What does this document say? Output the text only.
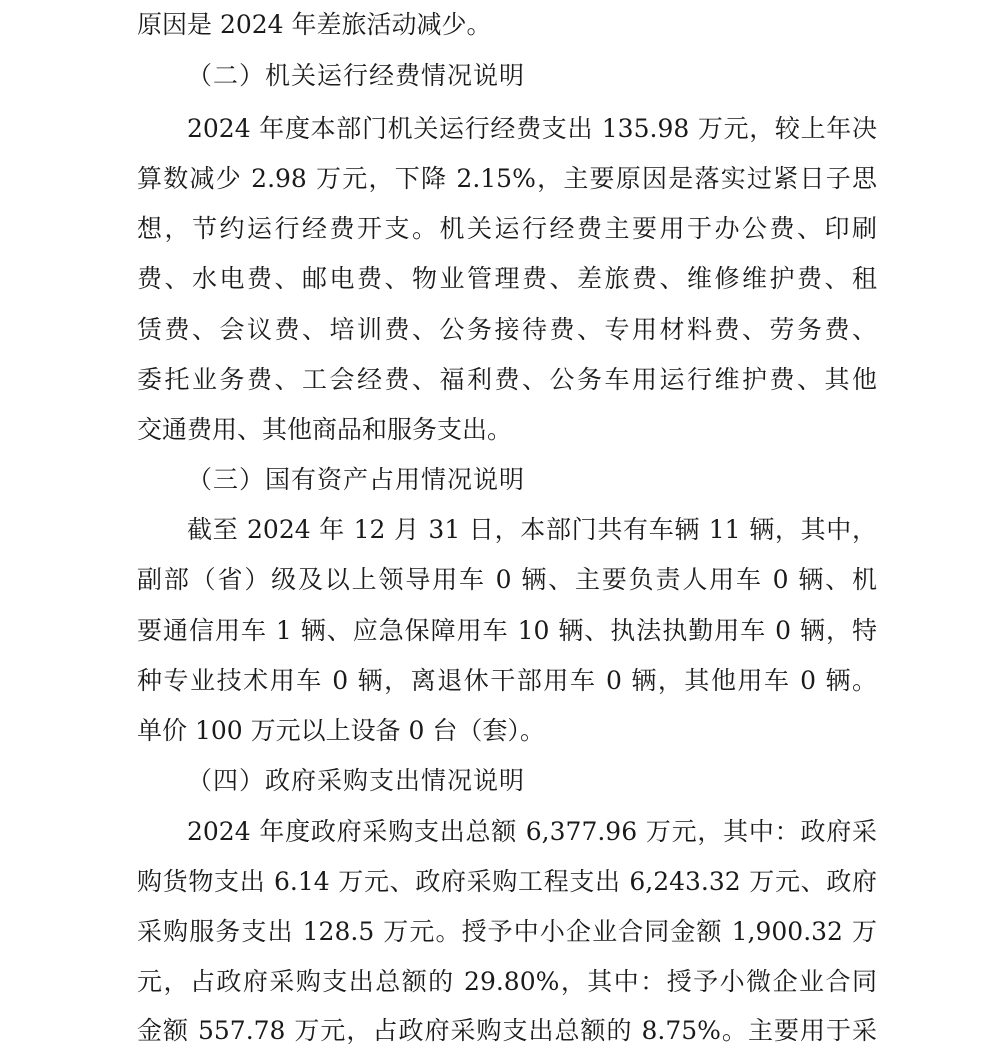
原因是 2024 年差旅活动减少。
（二）机关运行经费情况说明
2024 年度本部门机关运行经费支出 135.98 万元，较上年决
算数减少 2.98 万元，下降 2.15%，主要原因是落实过紧日子思
想，节约运行经费开支。机关运行经费主要用于办公费、印刷
费、水电费、邮电费、物业管理费、差旅费、维修维护费、租
赁费、会议费、培训费、公务接待费、专用材料费、劳务费、
委托业务费、工会经费、福利费、公务车用运行维护费、其他
交通费用、其他商品和服务支出。
（三）国有资产占用情况说明
截至 2024 年 12 月 31 日，本部门共有车辆 11 辆，其中，
副部（省）级及以上领导用车 0 辆、主要负责人用车 0 辆、机
要通信用车 1 辆、应急保障用车 10 辆、执法执勤用车 0 辆，特
种专业技术用车 0 辆，离退休干部用车 0 辆，其他用车 0 辆。
单价 100 万元以上设备 0 台（套）。
（四）政府采购支出情况说明
2024 年度政府采购支出总额 6,377.96 万元，其中：政府采
购货物支出 6.14 万元、政府采购工程支出 6,243.32 万元、政府
采购服务支出 128.5 万元。授予中小企业合同金额 1,900.32 万
元，占政府采购支出总额的 29.80%，其中：授予小微企业合同
金额 557.78 万元，占政府采购支出总额的 8.75%。主要用于采
